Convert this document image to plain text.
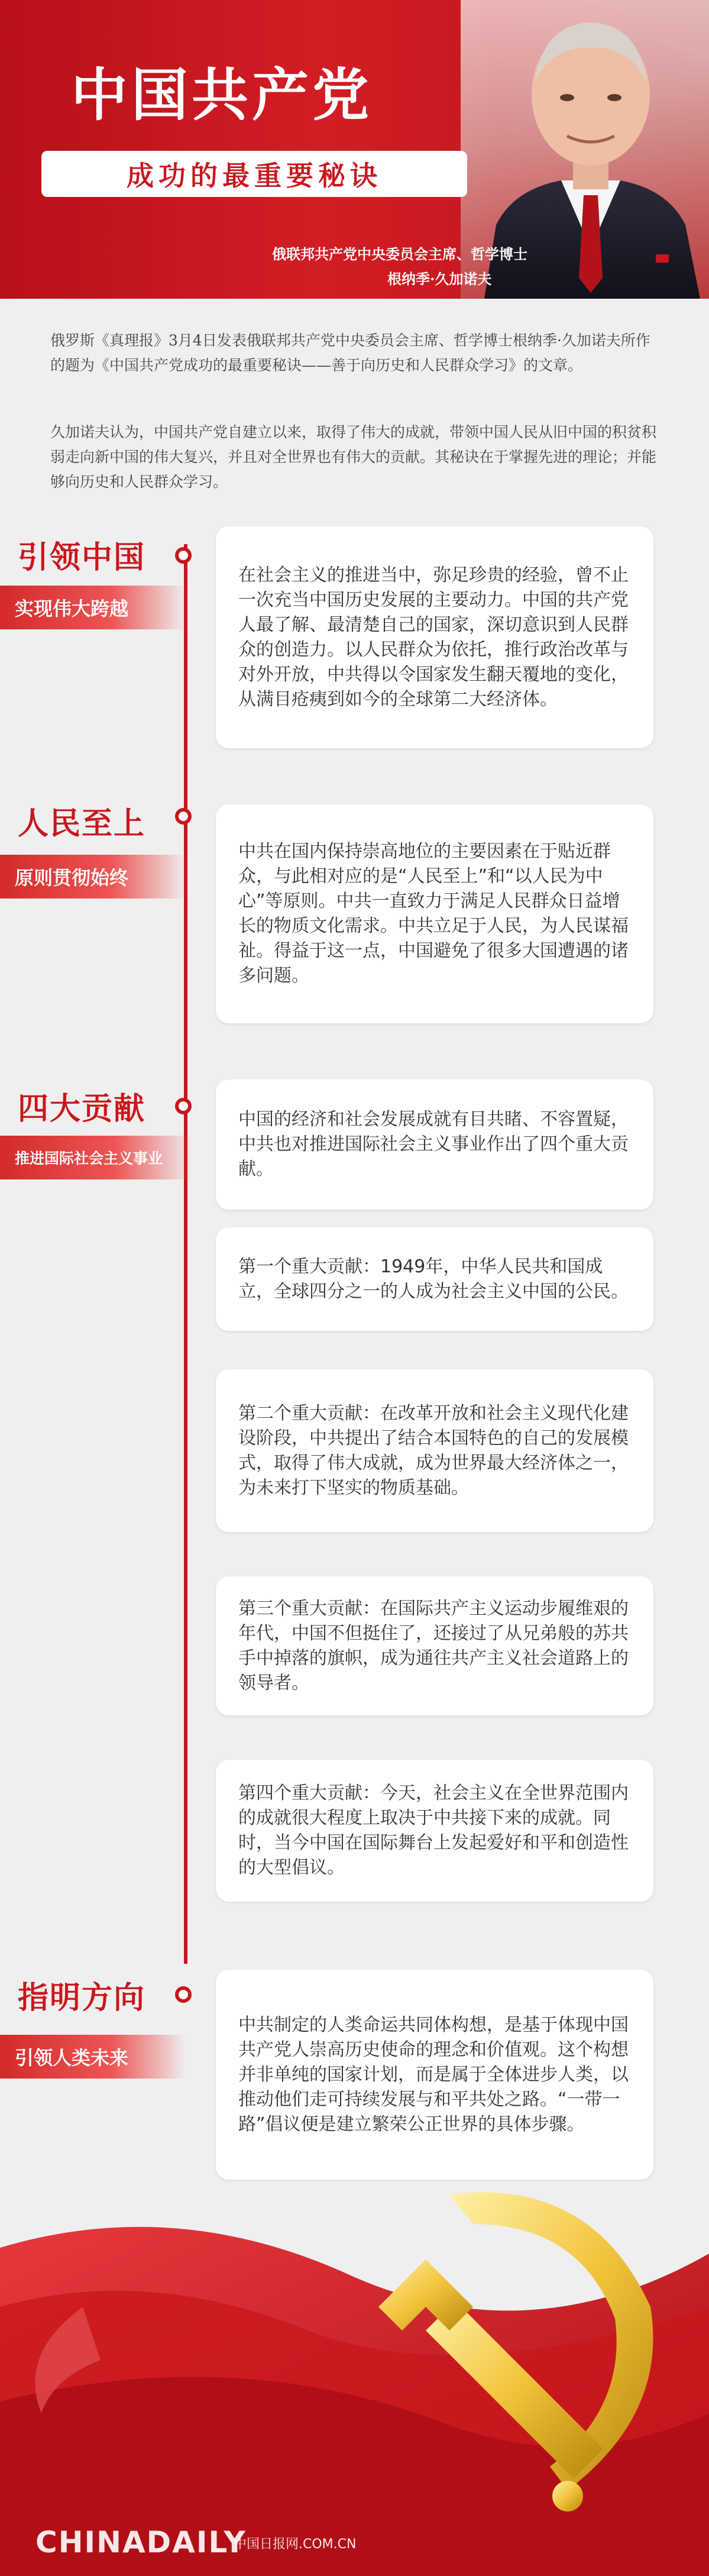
中国共产党
成功的最重要秘诀
俄联邦共产党中央委员会主席、哲学博士
根纳季·久加诺夫

俄罗斯《真理报》3月4日发表俄联邦共产党中央委员会主席、哲学博士根纳季·久加诺夫所作的题为《中国共产党成功的最重要秘诀——善于向历史和人民群众学习》的文章。

久加诺夫认为，中国共产党自建立以来，取得了伟大的成就，带领中国人民从旧中国的积贫积弱走向新中国的伟大复兴，并且对全世界也有伟大的贡献。其秘诀在于掌握先进的理论；并能够向历史和人民群众学习。

引领中国
实现伟大跨越

在社会主义的推进当中，弥足珍贵的经验，曾不止一次充当中国历史发展的主要动力。中国的共产党人最了解、最清楚自己的国家，深切意识到人民群众的创造力。以人民群众为依托，推行政治改革与对外开放，中共得以令国家发生翻天覆地的变化，从满目疮痍到如今的全球第二大经济体。

人民至上
原则贯彻始终

中共在国内保持崇高地位的主要因素在于贴近群众，与此相对应的是“人民至上”和“以人民为中心”等原则。中共一直致力于满足人民群众日益增长的物质文化需求。中共立足于人民，为人民谋福祉。得益于这一点，中国避免了很多大国遭遇的诸多问题。

四大贡献
推进国际社会主义事业

中国的经济和社会发展成就有目共睹、不容置疑，中共也对推进国际社会主义事业作出了四个重大贡献。

第一个重大贡献：1949年，中华人民共和国成立，全球四分之一的人成为社会主义中国的公民。

第二个重大贡献：在改革开放和社会主义现代化建设阶段，中共提出了结合本国特色的自己的发展模式，取得了伟大成就，成为世界最大经济体之一，为未来打下坚实的物质基础。

第三个重大贡献：在国际共产主义运动步履维艰的年代，中国不但挺住了，还接过了从兄弟般的苏共手中掉落的旗帜，成为通往共产主义社会道路上的领导者。

第四个重大贡献：今天，社会主义在全世界范围内的成就很大程度上取决于中共接下来的成就。同时，当今中国在国际舞台上发起爱好和平和创造性的大型倡议。

指明方向
引领人类未来

中共制定的人类命运共同体构想，是基于体现中国共产党人崇高历史使命的理念和价值观。这个构想并非单纯的国家计划，而是属于全体进步人类，以推动他们走可持续发展与和平共处之路。“一带一路”倡议便是建立繁荣公正世界的具体步骤。

CHINADAILY
中国日报网.COM.CN
